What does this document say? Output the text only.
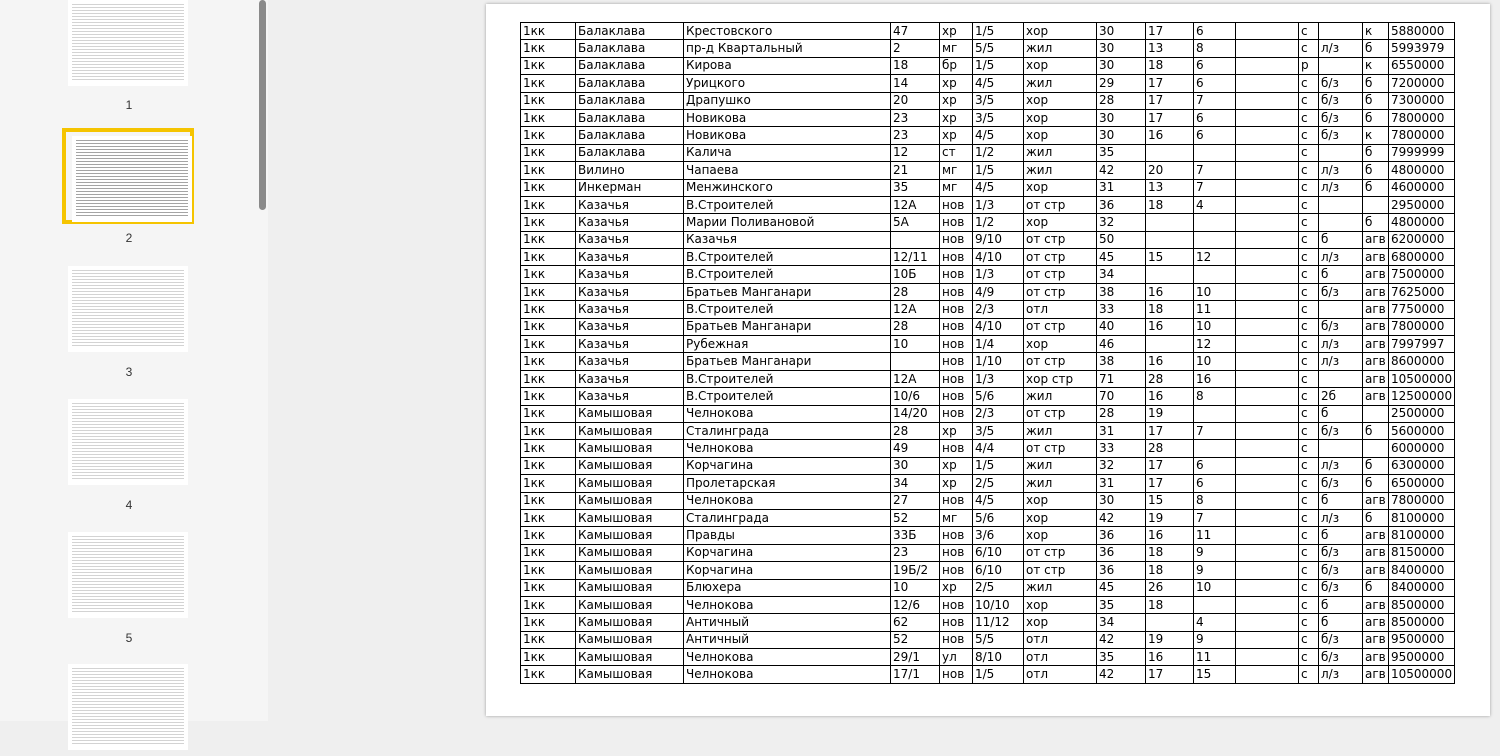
1
2
3
4
5
1кк	Балаклава	Крестовского	47	хр	1/5	хор	30	17	6		с		к	5880000
1кк	Балаклава	пр-д Квартальный	2	мг	5/5	жил	30	13	8		с	л/з	б	5993979
1кк	Балаклава	Кирова	18	бр	1/5	хор	30	18	6		р		к	6550000
1кк	Балаклава	Урицкого	14	хр	4/5	жил	29	17	6		с	б/з	б	7200000
1кк	Балаклава	Драпушко	20	хр	3/5	хор	28	17	7		с	б/з	б	7300000
1кк	Балаклава	Новикова	23	хр	3/5	хор	30	17	6		с	б/з	б	7800000
1кк	Балаклава	Новикова	23	хр	4/5	хор	30	16	6		с	б/з	к	7800000
1кк	Балаклава	Калича	12	ст	1/2	жил	35				с		б	7999999
1кк	Вилино	Чапаева	21	мг	1/5	жил	42	20	7		с	л/з	б	4800000
1кк	Инкерман	Менжинского	35	мг	4/5	хор	31	13	7		с	л/з	б	4600000
1кк	Казачья	В.Строителей	12А	нов	1/3	от стр	36	18	4		с			2950000
1кк	Казачья	Марии Поливановой	5А	нов	1/2	хор	32				с		б	4800000
1кк	Казачья	Казачья		нов	9/10	от стр	50				с	б	агв	6200000
1кк	Казачья	В.Строителей	12/11	нов	4/10	от стр	45	15	12		с	л/з	агв	6800000
1кк	Казачья	В.Строителей	10Б	нов	1/3	от стр	34				с	б	агв	7500000
1кк	Казачья	Братьев Манганари	28	нов	4/9	от стр	38	16	10		с	б/з	агв	7625000
1кк	Казачья	В.Строителей	12А	нов	2/3	отл	33	18	11		с		агв	7750000
1кк	Казачья	Братьев Манганари	28	нов	4/10	от стр	40	16	10		с	б/з	агв	7800000
1кк	Казачья	Рубежная	10	нов	1/4	хор	46		12		с	л/з	агв	7997997
1кк	Казачья	Братьев Манганари		нов	1/10	от стр	38	16	10		с	л/з	агв	8600000
1кк	Казачья	В.Строителей	12А	нов	1/3	хор стр	71	28	16		с		агв	10500000
1кк	Казачья	В.Строителей	10/6	нов	5/6	жил	70	16	8		с	2б	агв	12500000
1кк	Камышовая	Челнокова	14/20	нов	2/3	от стр	28	19			с	б		2500000
1кк	Камышовая	Сталинграда	28	хр	3/5	жил	31	17	7		с	б/з	б	5600000
1кк	Камышовая	Челнокова	49	нов	4/4	от стр	33	28			с			6000000
1кк	Камышовая	Корчагина	30	хр	1/5	жил	32	17	6		с	л/з	б	6300000
1кк	Камышовая	Пролетарская	34	хр	2/5	жил	31	17	6		с	б/з	б	6500000
1кк	Камышовая	Челнокова	27	нов	4/5	хор	30	15	8		с	б	агв	7800000
1кк	Камышовая	Сталинграда	52	мг	5/6	хор	42	19	7		с	л/з	б	8100000
1кк	Камышовая	Правды	33Б	нов	3/6	хор	36	16	11		с	б	агв	8100000
1кк	Камышовая	Корчагина	23	нов	6/10	от стр	36	18	9		с	б/з	агв	8150000
1кк	Камышовая	Корчагина	19Б/2	нов	6/10	от стр	36	18	9		с	б/з	агв	8400000
1кк	Камышовая	Блюхера	10	хр	2/5	жил	45	26	10		с	б/з	б	8400000
1кк	Камышовая	Челнокова	12/6	нов	10/10	хор	35	18			с	б	агв	8500000
1кк	Камышовая	Античный	62	нов	11/12	хор	34		4		с	б	агв	8500000
1кк	Камышовая	Античный	52	нов	5/5	отл	42	19	9		с	б/з	агв	9500000
1кк	Камышовая	Челнокова	29/1	ул	8/10	отл	35	16	11		с	б/з	агв	9500000
1кк	Камышовая	Челнокова	17/1	нов	1/5	отл	42	17	15		с	л/з	агв	10500000
